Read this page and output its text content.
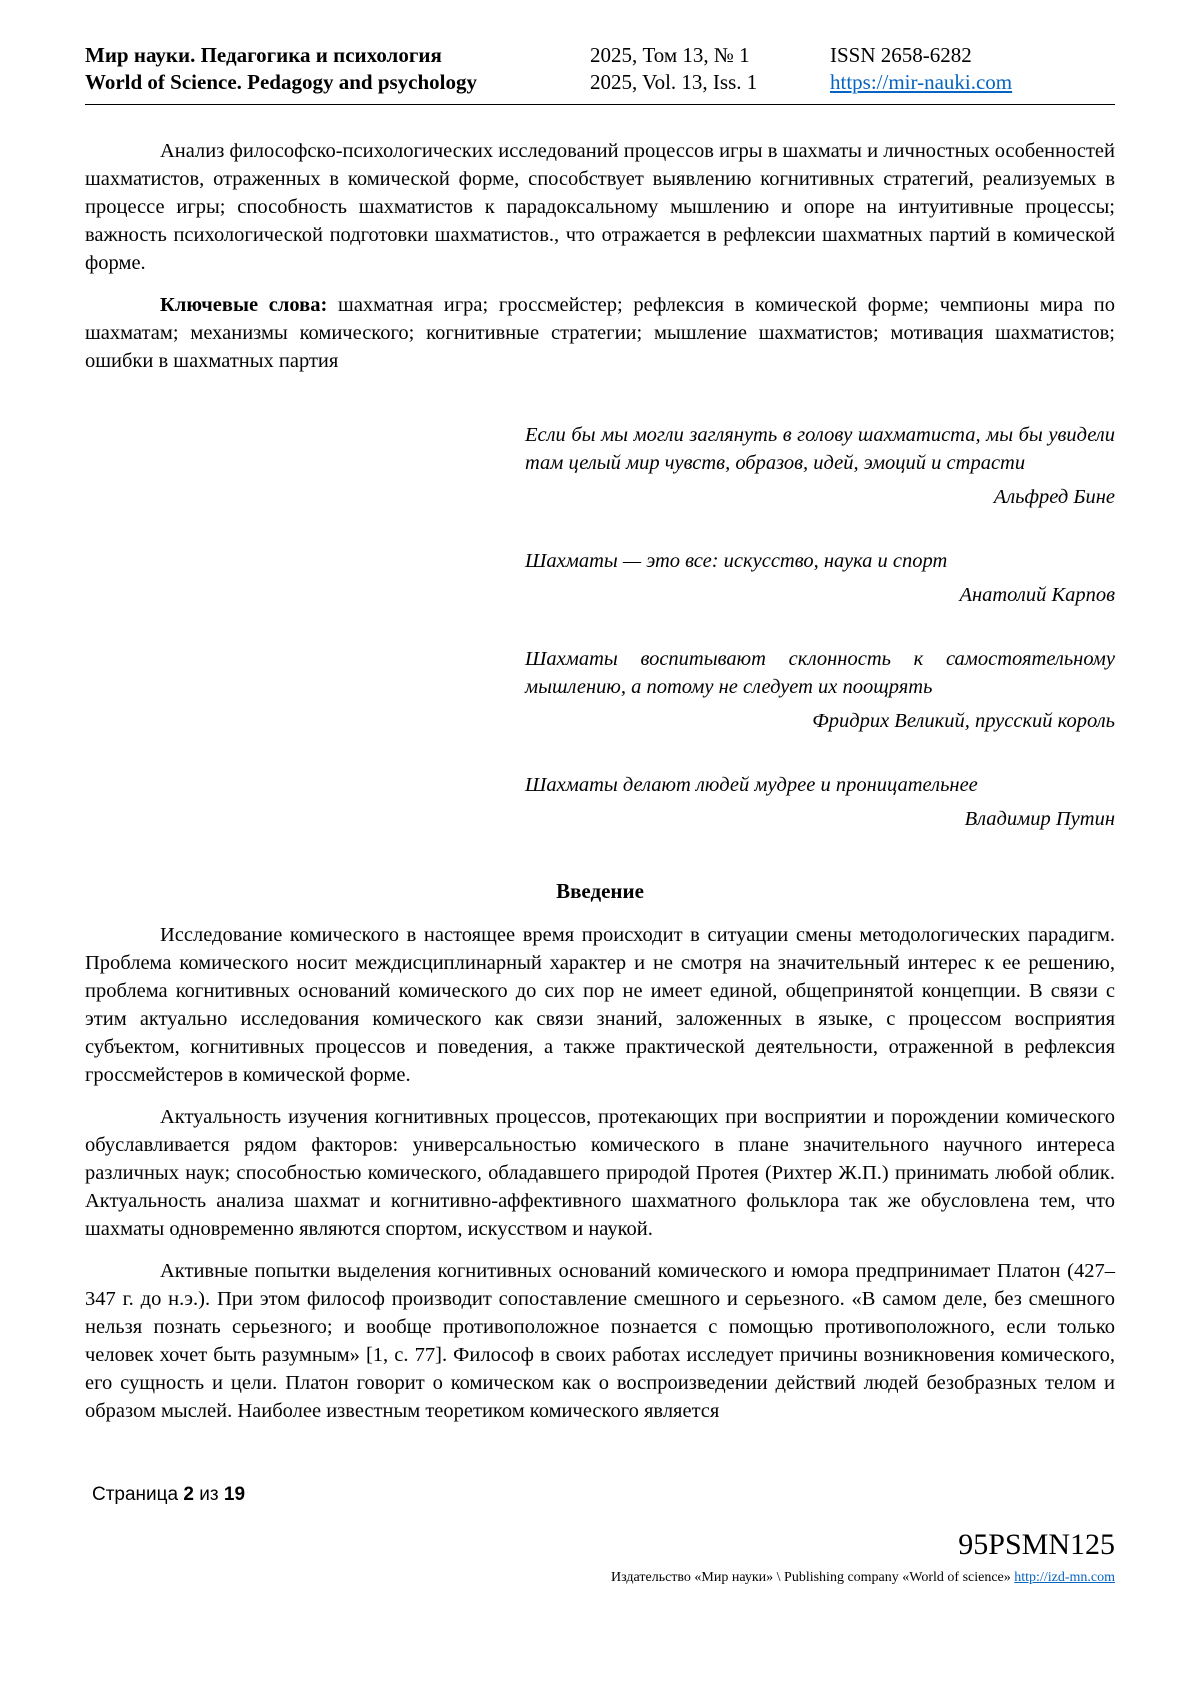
Мир науки. Педагогика и психология
World of Science. Pedagogy and psychology
2025, Том 13, № 1
2025, Vol. 13, Iss. 1
ISSN 2658-6282
https://mir-nauki.com

Анализ философско-психологических исследований процессов игры в шахматы и личностных особенностей шахматистов, отраженных в комической форме, способствует выявлению когнитивных стратегий, реализуемых в процессе игры; способность шахматистов к парадоксальному мышлению и опоре на интуитивные процессы; важность психологической подготовки шахматистов., что отражается в рефлексии шахматных партий в комической форме.

Ключевые слова: шахматная игра; гроссмейстер; рефлексия в комической форме; чемпионы мира по шахматам; механизмы комического; когнитивные стратегии; мышление шахматистов; мотивация шахматистов; ошибки в шахматных партия

Если бы мы могли заглянуть в голову шахматиста, мы бы увидели там целый мир чувств, образов, идей, эмоций и страсти
Альфред Бине
Шахматы — это все: искусство, наука и спорт
Анатолий Карпов
Шахматы воспитывают склонность к самостоятельному мышлению, а потому не следует их поощрять
Фридрих Великий, прусский король
Шахматы делают людей мудрее и проницательнее
Владимир Путин
Введение

Исследование комического в настоящее время происходит в ситуации смены методологических парадигм. Проблема комического носит междисциплинарный характер и не смотря на значительный интерес к ее решению, проблема когнитивных оснований комического до сих пор не имеет единой, общепринятой концепции. В связи с этим актуально исследования комического как связи знаний, заложенных в языке, с процессом восприятия субъектом, когнитивных процессов и поведения, а также практической деятельности, отраженной в рефлексия гроссмейстеров в комической форме.

Актуальность изучения когнитивных процессов, протекающих при восприятии и порождении комического обуславливается рядом факторов: универсальностью комического в плане значительного научного интереса различных наук; способностью комического, обладавшего природой Протея (Рихтер Ж.П.) принимать любой облик. Актуальность анализа шахмат и когнитивно-аффективного шахматного фольклора так же обусловлена тем, что шахматы одновременно являются спортом, искусством и наукой.

Активные попытки выделения когнитивных оснований комического и юмора предпринимает Платон (427–347 г. до н.э.). При этом философ производит сопоставление смешного и серьезного. «В самом деле, без смешного нельзя познать серьезного; и вообще противоположное познается с помощью противоположного, если только человек хочет быть разумным» [1, с. 77]. Философ в своих работах исследует причины возникновения комического, его сущность и цели. Платон говорит о комическом как о воспроизведении действий людей безобразных телом и образом мыслей. Наиболее известным теоретиком комического является

Страница 2 из 19
95PSMN125
Издательство «Мир науки» \ Publishing company «World of science» http://izd-mn.com
